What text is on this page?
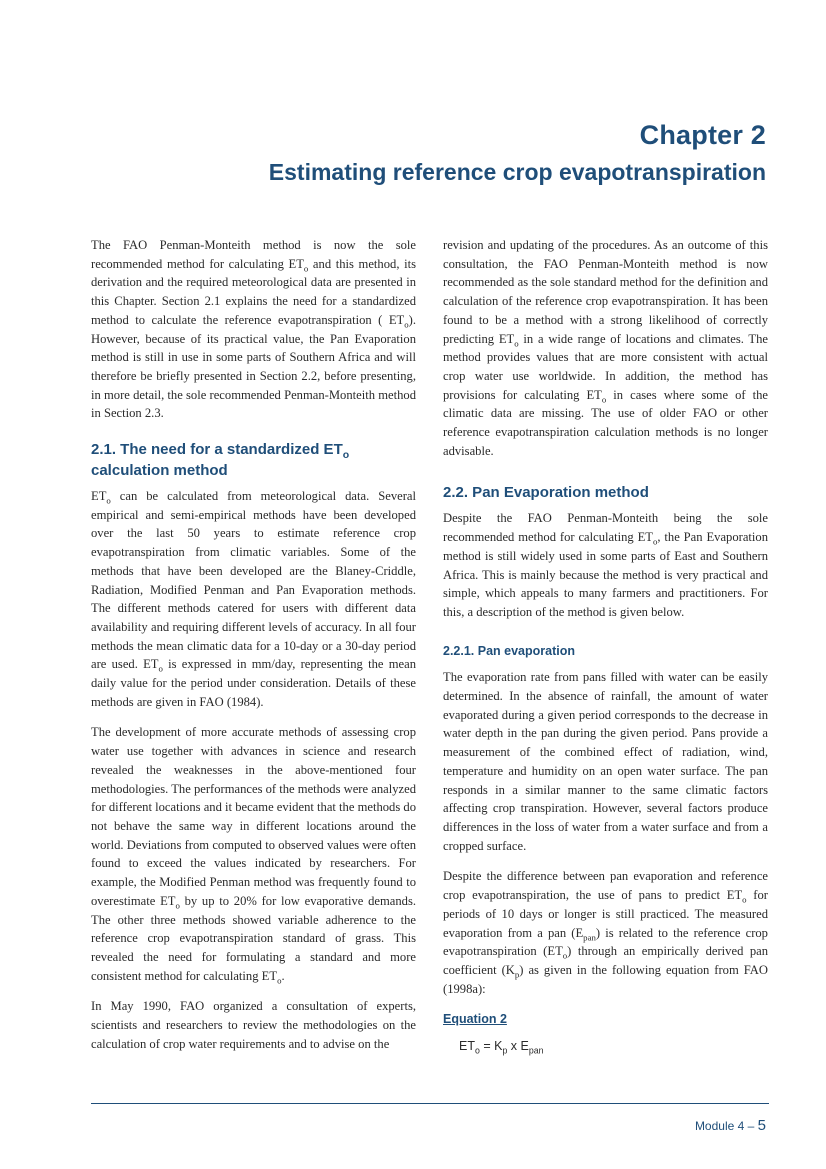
Chapter 2
Estimating reference crop evapotranspiration

The FAO Penman-Monteith method is now the sole recommended method for calculating $ET_o$ and this method, its derivation and the required meteorological data are presented in this Chapter. Section 2.1 explains the need for a standardized method to calculate the reference evapotranspiration ( $ET_o$). However, because of its practical value, the Pan Evaporation method is still in use in some parts of Southern Africa and will therefore be briefly presented in Section 2.2, before presenting, in more detail, the sole recommended Penman-Monteith method in Section 2.3.

2.1. The need for a standardized $ET_o$
calculation method

$ET_o$ can be calculated from meteorological data. Several empirical and semi-empirical methods have been developed over the last 50 years to estimate reference crop evapotranspiration from climatic variables. Some of the methods that have been developed are the Blaney-Criddle, Radiation, Modified Penman and Pan Evaporation methods. The different methods catered for users with different data availability and requiring different levels of accuracy. In all four methods the mean climatic data for a 10-day or a 30-day period are used. $ET_o$ is expressed in mm/day, representing the mean daily value for the period under consideration. Details of these methods are given in FAO (1984).

The development of more accurate methods of assessing crop water use together with advances in science and research revealed the weaknesses in the above-mentioned four methodologies. The performances of the methods were analyzed for different locations and it became evident that the methods do not behave the same way in different locations around the world. Deviations from computed to observed values were often found to exceed the values indicated by researchers. For example, the Modified Penman method was frequently found to overestimate $ET_o$ by up to 20% for low evaporative demands. The other three methods showed variable adherence to the reference crop evapotranspiration standard of grass. This revealed the need for formulating a standard and more consistent method for calculating $ET_o$.

In May 1990, FAO organized a consultation of experts, scientists and researchers to review the methodologies on the calculation of crop water requirements and to advise on the

revision and updating of the procedures. As an outcome of this consultation, the FAO Penman-Monteith method is now recommended as the sole standard method for the definition and calculation of the reference crop evapotranspiration. It has been found to be a method with a strong likelihood of correctly predicting $ET_o$ in a wide range of locations and climates. The method provides values that are more consistent with actual crop water use worldwide. In addition, the method has provisions for calculating $ET_o$ in cases where some of the climatic data are missing. The use of older FAO or other reference evapotranspiration calculation methods is no longer advisable.

2.2. Pan Evaporation method

Despite the FAO Penman-Monteith being the sole recommended method for calculating $ET_o$, the Pan Evaporation method is still widely used in some parts of East and Southern Africa. This is mainly because the method is very practical and simple, which appeals to many farmers and practitioners. For this, a description of the method is given below.

2.2.1. Pan evaporation

The evaporation rate from pans filled with water can be easily determined. In the absence of rainfall, the amount of water evaporated during a given period corresponds to the decrease in water depth in the pan during the given period. Pans provide a measurement of the combined effect of radiation, wind, temperature and humidity on an open water surface. The pan responds in a similar manner to the same climatic factors affecting crop transpiration. However, several factors produce differences in the loss of water from a water surface and from a cropped surface.

Despite the difference between pan evaporation and reference crop evapotranspiration, the use of pans to predict $ET_o$ for periods of 10 days or longer is still practiced. The measured evaporation from a pan $(E_{pan})$ is related to the reference crop evapotranspiration $(ET_o)$ through an empirically derived pan coefficient $(K_p)$ as given in the following equation from FAO (1998a):

Equation 2
$ET_o = K_p$ x $E_{pan}$
Module 4 – 5
